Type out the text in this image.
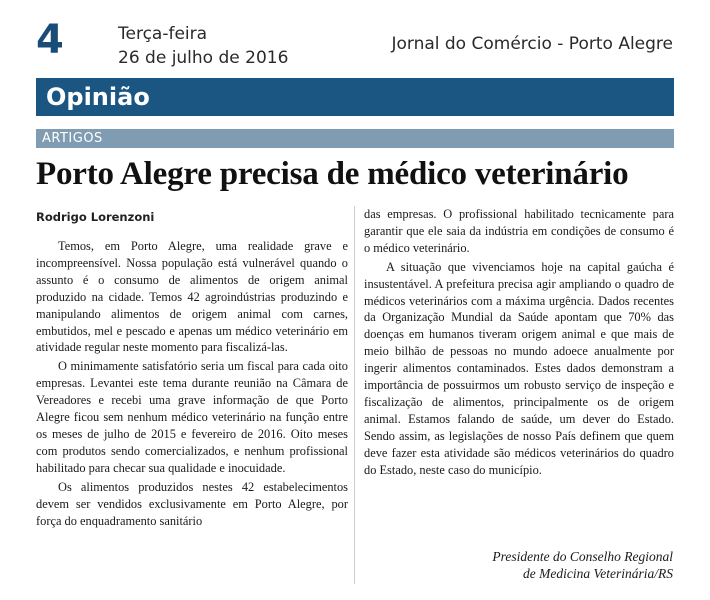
4	Terça-feira
26 de julho de 2016
Jornal do Comércio - Porto Alegre
Opinião
ARTIGOS
Porto Alegre precisa de médico veterinário
Rodrigo Lorenzoni

Temos, em Porto Alegre, uma realidade grave e incompreensível. Nossa população está vulnerável quando o assunto é o consumo de alimentos de origem animal produzido na cidade. Temos 42 agroindústrias produzindo e manipulando alimentos de origem animal com carnes, embutidos, mel e pescado e apenas um médico veterinário em atividade regular neste momento para fiscalizá-las.

O minimamente satisfatório seria um fiscal para cada oito empresas. Levantei este tema durante reunião na Câmara de Vereadores e recebi uma grave informação de que Porto Alegre ficou sem nenhum médico veterinário na função entre os meses de julho de 2015 e fevereiro de 2016. Oito meses com produtos sendo comercializados, e nenhum profissional habilitado para checar sua qualidade e inocuidade.

Os alimentos produzidos nestes 42 estabelecimentos devem ser vendidos exclusivamente em Porto Alegre, por força do enquadramento sanitário

das empresas. O profissional habilitado tecnicamente para garantir que ele saia da indústria em condições de consumo é o médico veterinário.

A situação que vivenciamos hoje na capital gaúcha é insustentável. A prefeitura precisa agir ampliando o quadro de médicos veterinários com a máxima urgência. Dados recentes da Organização Mundial da Saúde apontam que 70% das doenças em humanos tiveram origem animal e que mais de meio bilhão de pessoas no mundo adoece anualmente por ingerir alimentos contaminados. Estes dados demonstram a importância de possuirmos um robusto serviço de inspeção e fiscalização de alimentos, principalmente os de origem animal. Estamos falando de saúde, um dever do Estado. Sendo assim, as legislações de nosso País definem que quem deve fazer esta atividade são médicos veterinários do quadro do Estado, neste caso do município.

Presidente do Conselho Regional
de Medicina Veterinária/RS
